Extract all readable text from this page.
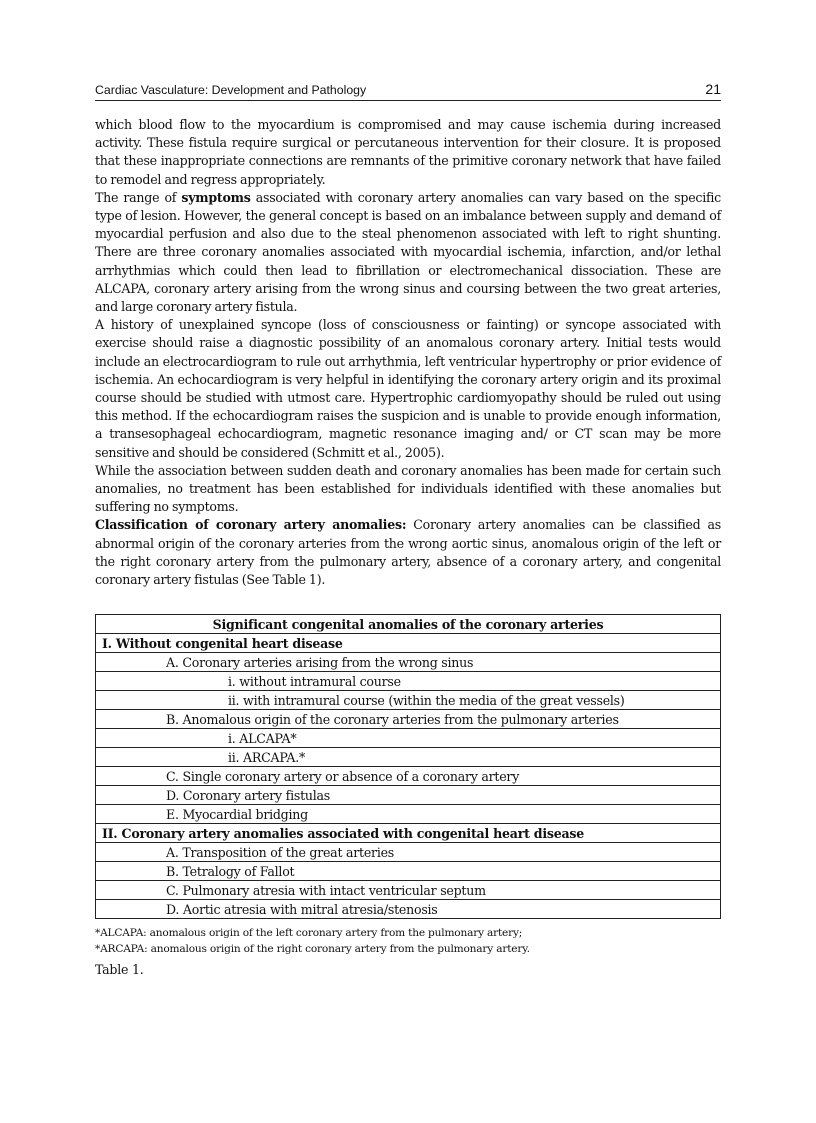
Cardiac Vasculature: Development and Pathology	21

which blood flow to the myocardium is compromised and may cause ischemia during increased activity. These fistula require surgical or percutaneous intervention for their closure. It is proposed that these inappropriate connections are remnants of the primitive coronary network that have failed to remodel and regress appropriately.

The range of symptoms associated with coronary artery anomalies can vary based on the specific type of lesion. However, the general concept is based on an imbalance between supply and demand of myocardial perfusion and also due to the steal phenomenon associated with left to right shunting. There are three coronary anomalies associated with myocardial ischemia, infarction, and/or lethal arrhythmias which could then lead to fibrillation or electromechanical dissociation. These are ALCAPA, coronary artery arising from the wrong sinus and coursing between the two great arteries, and large coronary artery fistula.

A history of unexplained syncope (loss of consciousness or fainting) or syncope associated with exercise should raise a diagnostic possibility of an anomalous coronary artery. Initial tests would include an electrocardiogram to rule out arrhythmia, left ventricular hypertrophy or prior evidence of ischemia. An echocardiogram is very helpful in identifying the coronary artery origin and its proximal course should be studied with utmost care. Hypertrophic cardiomyopathy should be ruled out using this method. If the echocardiogram raises the suspicion and is unable to provide enough information, a transesophageal echocardiogram, magnetic resonance imaging and/ or CT scan may be more sensitive and should be considered (Schmitt et al., 2005).

While the association between sudden death and coronary anomalies has been made for certain such anomalies, no treatment has been established for individuals identified with these anomalies but suffering no symptoms.

Classification of coronary artery anomalies: Coronary artery anomalies can be classified as abnormal origin of the coronary arteries from the wrong aortic sinus, anomalous origin of the left or the right coronary artery from the pulmonary artery, absence of a coronary artery, and congenital coronary artery fistulas (See Table 1).

Significant congenital anomalies of the coronary arteries
I. Without congenital heart disease
A. Coronary arteries arising from the wrong sinus
i. without intramural course
ii. with intramural course (within the media of the great vessels)
B. Anomalous origin of the coronary arteries from the pulmonary arteries
i. ALCAPA*
ii. ARCAPA.*
C. Single coronary artery or absence of a coronary artery
D. Coronary artery fistulas
E. Myocardial bridging
II. Coronary artery anomalies associated with congenital heart disease
A. Transposition of the great arteries
B. Tetralogy of Fallot
C. Pulmonary atresia with intact ventricular septum
D. Aortic atresia with mitral atresia/stenosis
*ALCAPA: anomalous origin of the left coronary artery from the pulmonary artery;
*ARCAPA: anomalous origin of the right coronary artery from the pulmonary artery.
Table 1.
